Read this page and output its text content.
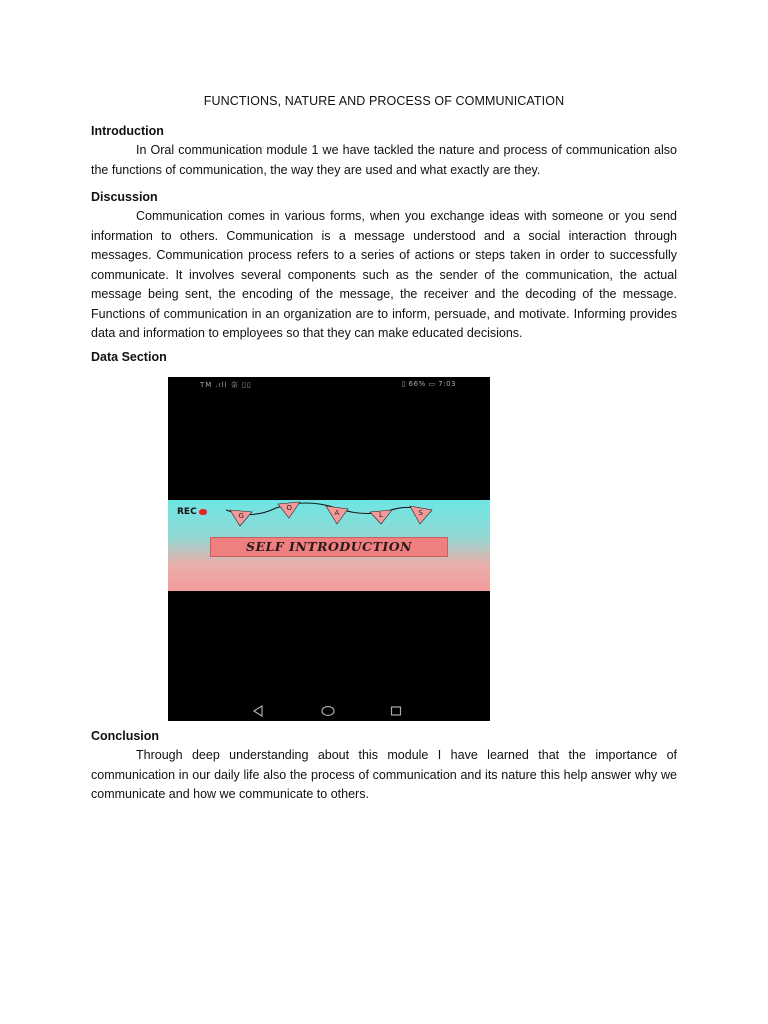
FUNCTIONS, NATURE AND PROCESS OF COMMUNICATION
Introduction

In Oral communication module 1 we have tackled the nature and process of communication also the functions of communication, the way they are used and what exactly are they.

Discussion

Communication comes in various forms, when you exchange ideas with someone or you send information to others. Communication is a message understood and a social interaction through messages. Communication process refers to a series of actions or steps taken in order to successfully communicate. It involves several components such as the sender of the communication, the actual message being sent, the encoding of the message, the receiver and the decoding of the message. Functions of communication in an organization are to inform, persuade, and motivate. Informing provides data and information to employees so that they can make educated decisions.

Data Section
TM .ıll 奈 ▯▯	▯ 66% ▭ 7:03
REC	G
O
A	L	S
SELF INTRODUCTION
Conclusion

Through deep understanding about this module I have learned that the importance of communication in our daily life also the process of communication and its nature this help answer why we communicate and how we communicate to others.
